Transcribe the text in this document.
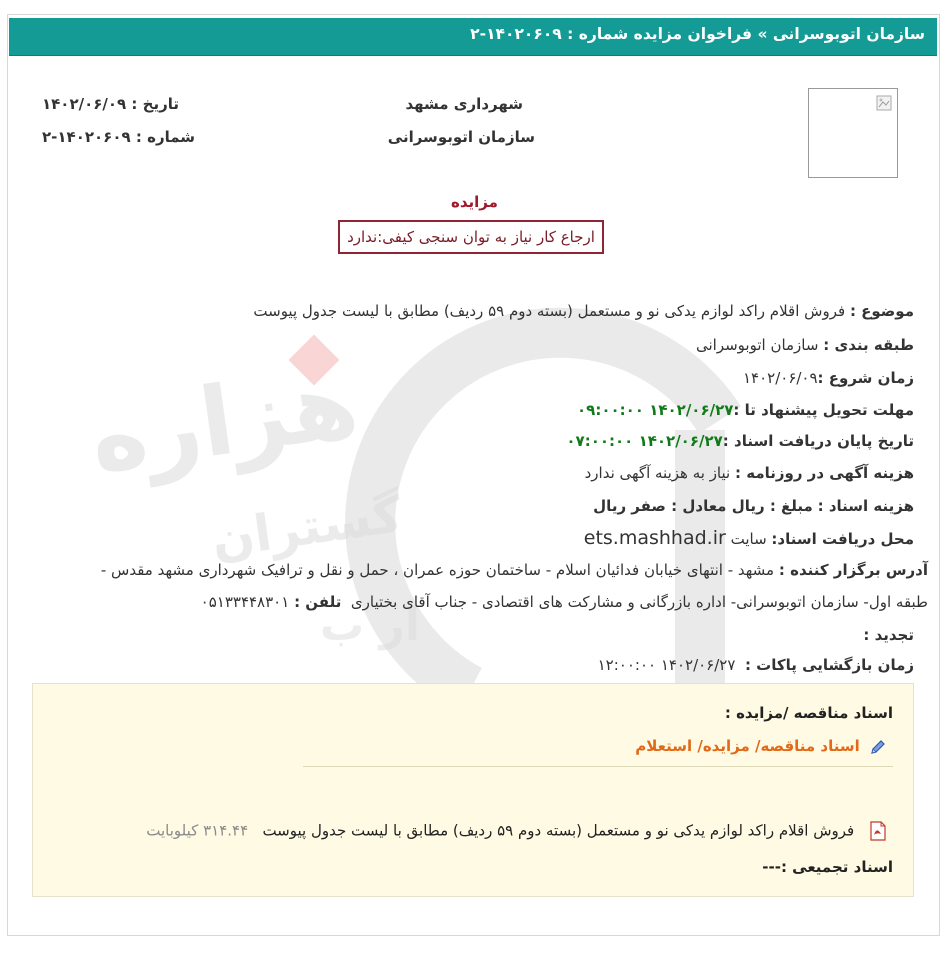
هزاره
گستران
ار ب
سازمان اتوبوسرانی » فراخوان مزایده شماره : ۱۴۰۲۰۶۰۹-۲
شهرداری مشهد
سازمان اتوبوسرانی
تاریخ : ۱۴۰۲/۰۶/۰۹
شماره : ۱۴۰۲۰۶۰۹-۲
مزایده
ارجاع کار نیاز به توان سنجی کیفی:ندارد
موضوع : فروش اقلام راکد لوازم یدکی نو و مستعمل (بسته دوم ۵۹ ردیف) مطابق با لیست جدول پیوست
طبقه بندی : سازمان اتوبوسرانی
زمان شروع :۱۴۰۲/۰۶/۰۹
مهلت تحویل پیشنهاد تا :۱۴۰۲/۰۶/۲۷ ۰۹:۰۰:۰۰
تاریخ پایان دریافت اسناد :۱۴۰۲/۰۶/۲۷ ۰۷:۰۰:۰۰
هزینه آگهی در روزنامه : نیاز به هزینه آگهی ندارد
هزینه اسناد : مبلغ : ریال معادل : صفر ریال
محل دریافت اسناد: سایت ets.mashhad.ir
آدرس برگزار کننده : مشهد - انتهای خیابان فدائیان اسلام - ساختمان حوزه عمران ، حمل و نقل و ترافیک شهرداری مشهد مقدس -
طبقه اول- سازمان اتوبوسرانی- اداره بازرگانی و مشارکت های اقتصادی - جناب آقای بختیاری  تلفن : ۰۵۱۳۳۴۴۸۳۰۱
تجدید :
زمان بازگشایی پاکات :  ۱۴۰۲/۰۶/۲۷ ۱۲:۰۰:۰۰
اسناد مناقصه /مزایده :
اسناد مناقصه/ مزایده/ استعلام
فروش اقلام راکد لوازم یدکی نو و مستعمل (بسته دوم ۵۹ ردیف) مطابق با لیست جدول پیوست   ۳۱۴.۴۴ کیلوبایت
اسناد تجمیعی :---
